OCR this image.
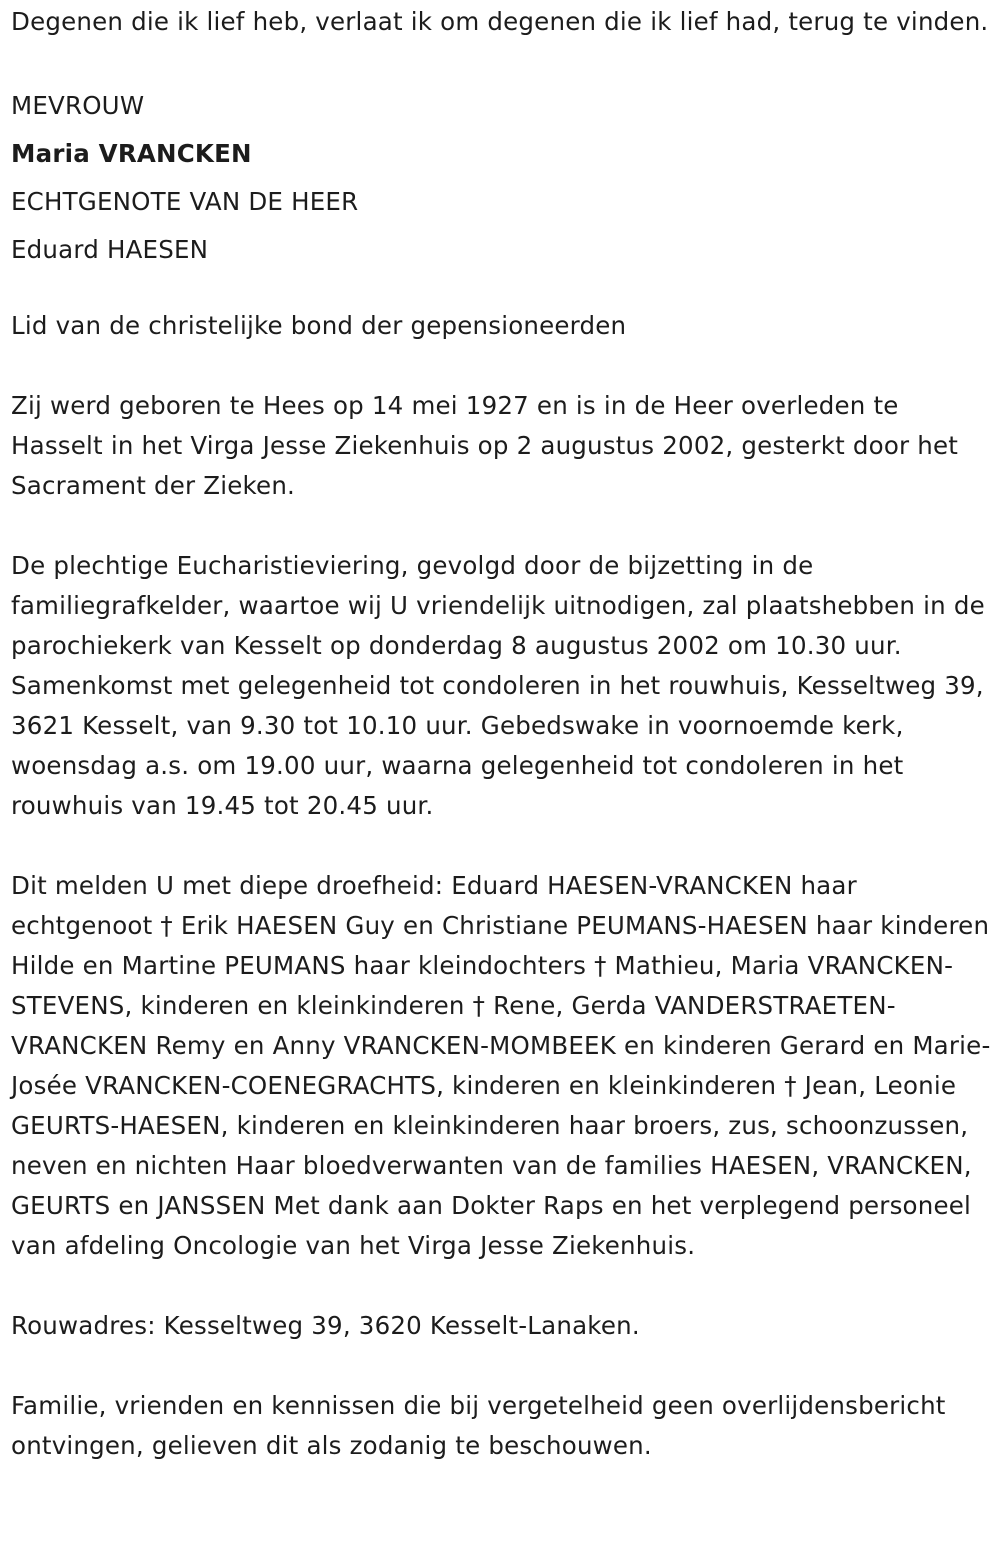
Degenen die ik lief heb, verlaat ik om degenen die ik lief had, terug te vinden.

MEVROUW
Maria VRANCKEN
ECHTGENOTE VAN DE HEER
Eduard HAESEN

Lid van de christelijke bond der gepensioneerden

Zij werd geboren te Hees op 14 mei 1927 en is in de Heer overleden te Hasselt in het Virga Jesse Ziekenhuis op 2 augustus 2002, gesterkt door het Sacrament der Zieken.

De plechtige Eucharistieviering, gevolgd door de bijzetting in de familiegrafkelder, waartoe wij U vriendelijk uitnodigen, zal plaatshebben in de parochiekerk van Kesselt op donderdag 8 augustus 2002 om 10.30 uur. Samenkomst met gelegenheid tot condoleren in het rouwhuis, Kesseltweg 39, 3621 Kesselt, van 9.30 tot 10.10 uur. Gebedswake in voornoemde kerk, woensdag a.s. om 19.00 uur, waarna gelegenheid tot condoleren in het rouwhuis van 19.45 tot 20.45 uur.

Dit melden U met diepe droefheid: Eduard HAESEN-VRANCKEN haar echtgenoot † Erik HAESEN Guy en Christiane PEUMANS-HAESEN haar kinderen Hilde en Martine PEUMANS haar kleindochters † Mathieu, Maria VRANCKEN-STEVENS, kinderen en kleinkinderen † Rene, Gerda VANDERSTRAETEN-VRANCKEN Remy en Anny VRANCKEN-MOMBEEK en kinderen Gerard en Marie-Josée VRANCKEN-COENEGRACHTS, kinderen en kleinkinderen † Jean, Leonie GEURTS-HAESEN, kinderen en kleinkinderen haar broers, zus, schoonzussen, neven en nichten Haar bloedverwanten van de families HAESEN, VRANCKEN, GEURTS en JANSSEN Met dank aan Dokter Raps en het verplegend personeel van afdeling Oncologie van het Virga Jesse Ziekenhuis.

Rouwadres: Kesseltweg 39, 3620 Kesselt-Lanaken.

Familie, vrienden en kennissen die bij vergetelheid geen overlijdensbericht ontvingen, gelieven dit als zodanig te beschouwen.
